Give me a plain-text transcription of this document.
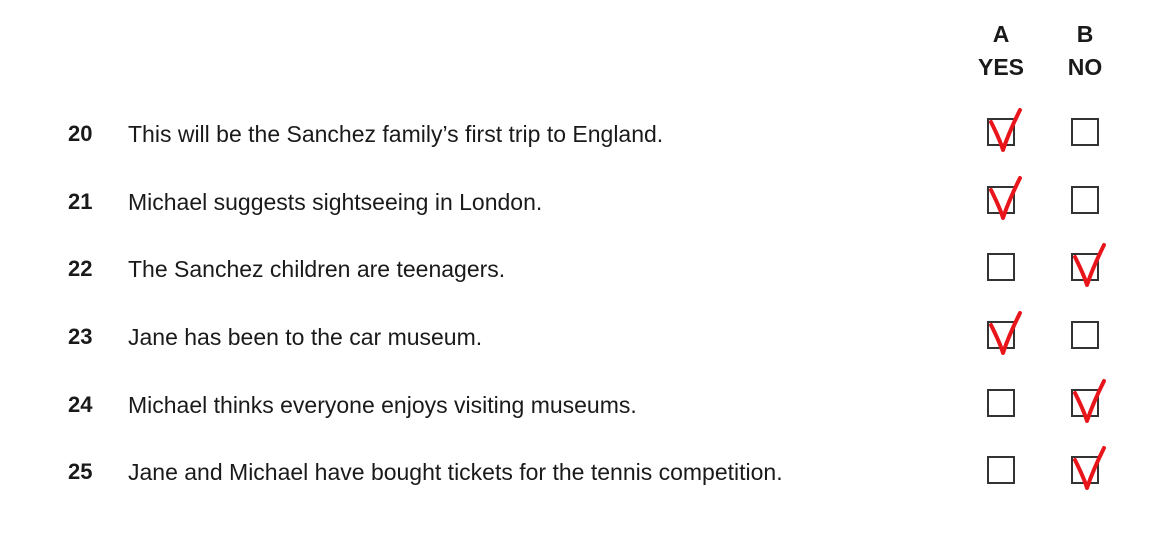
A
YES
B
NO
20 This will be the Sanchez family’s first trip to England.
21 Michael suggests sightseeing in London.
22 The Sanchez children are teenagers.
23 Jane has been to the car museum.
24 Michael thinks everyone enjoys visiting museums.
25 Jane and Michael have bought tickets for the tennis competition.
